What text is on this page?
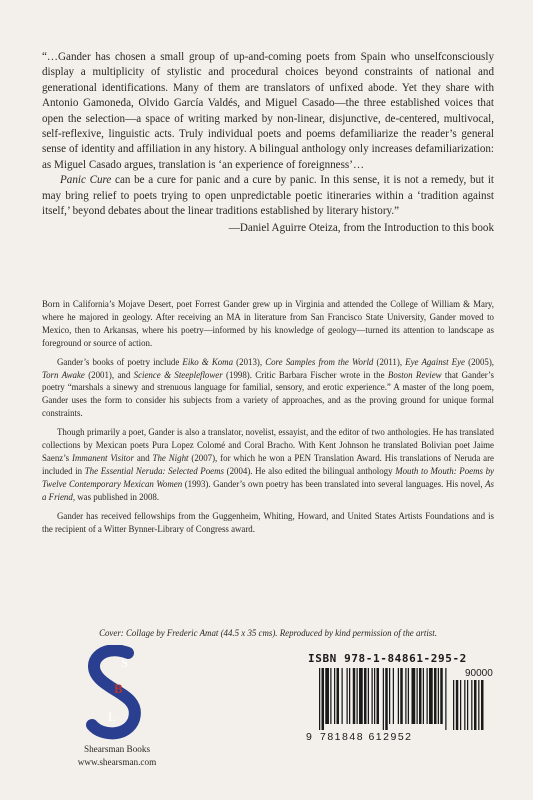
“…Gander has chosen a small group of up-and-coming poets from Spain who unselfconsciously display a multiplicity of stylistic and procedural choices beyond constraints of national and generational identifications. Many of them are translators of unfixed abode. Yet they share with Antonio Gamoneda, Olvido García Valdés, and Miguel Casado—the three established voices that open the selection—a space of writing marked by non-linear, disjunctive, de-centered, multivocal, self-reflexive, linguistic acts. Truly individual poets and poems defamiliarize the reader’s general sense of identity and affiliation in any history. A bilingual anthology only increases defamiliarization: as Miguel Casado argues, translation is ‘an experience of foreignness’…

Panic Cure can be a cure for panic and a cure by panic. In this sense, it is not a remedy, but it may bring relief to poets trying to open unpredictable poetic itineraries within a ‘tradition against itself,’ beyond debates about the linear traditions established by literary history.”

—Daniel Aguirre Oteiza, from the Introduction to this book

Born in California’s Mojave Desert, poet Forrest Gander grew up in Virginia and attended the College of William & Mary, where he majored in geology. After receiving an MA in literature from San Francisco State University, Gander moved to Mexico, then to Arkansas, where his poetry—informed by his knowledge of geology—turned its attention to landscape as foreground or source of action.

Gander’s books of poetry include Eiko & Koma (2013), Core Samples from the World (2011), Eye Against Eye (2005), Torn Awake (2001), and Science & Steepleflower (1998). Critic Barbara Fischer wrote in the Boston Review that Gander’s poetry “marshals a sinewy and strenuous language for familial, sensory, and erotic experience.” A master of the long poem, Gander uses the form to consider his subjects from a variety of approaches, and as the proving ground for unique formal constraints.

Though primarily a poet, Gander is also a translator, novelist, essayist, and the editor of two anthologies. He has translated collections by Mexican poets Pura Lopez Colomé and Coral Bracho. With Kent Johnson he translated Bolivian poet Jaime Saenz’s Immanent Visitor and The Night (2007), for which he won a PEN Translation Award. His translations of Neruda are included in The Essential Neruda: Selected Poems (2004). He also edited the bilingual anthology Mouth to Mouth: Poems by Twelve Contemporary Mexican Women (1993). Gander’s own poetry has been translated into several languages. His novel, As a Friend, was published in 2008.

Gander has received fellowships from the Guggenheim, Whiting, Howard, and United States Artists Foundations and is the recipient of a Witter Bynner-Library of Congress award.

Cover: Collage by Frederic Amat (44.5 x 35 cms). Reproduced by kind permission of the artist.
S
B
L
Shearsman Books
www.shearsman.com
ISBN 978-1-84861-295-2
9 781848 612952
90000
